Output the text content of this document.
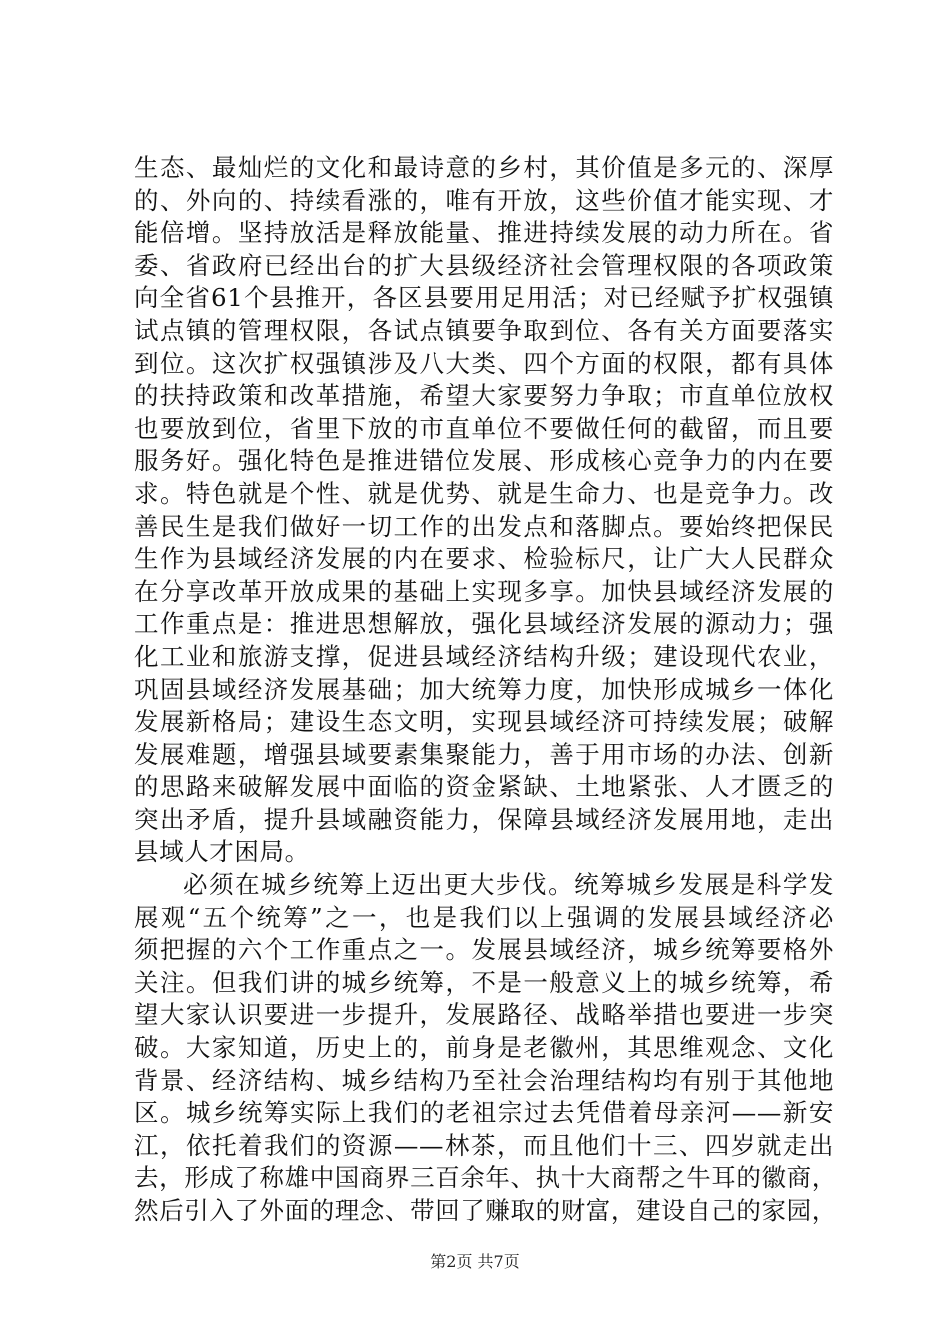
生态、最灿烂的文化和最诗意的乡村，其价值是多元的、深厚
的、外向的、持续看涨的，唯有开放，这些价值才能实现、才
能倍增。坚持放活是释放能量、推进持续发展的动力所在。省
委、省政府已经出台的扩大县级经济社会管理权限的各项政策
向全省61个县推开，各区县要用足用活；对已经赋予扩权强镇
试点镇的管理权限，各试点镇要争取到位、各有关方面要落实
到位。这次扩权强镇涉及八大类、四个方面的权限，都有具体
的扶持政策和改革措施，希望大家要努力争取；市直单位放权
也要放到位，省里下放的市直单位不要做任何的截留，而且要
服务好。强化特色是推进错位发展、形成核心竞争力的内在要
求。特色就是个性、就是优势、就是生命力、也是竞争力。改
善民生是我们做好一切工作的出发点和落脚点。要始终把保民
生作为县域经济发展的内在要求、检验标尺，让广大人民群众
在分享改革开放成果的基础上实现多享。加快县域经济发展的
工作重点是：推进思想解放，强化县域经济发展的源动力；强
化工业和旅游支撑，促进县域经济结构升级；建设现代农业，
巩固县域经济发展基础；加大统筹力度，加快形成城乡一体化
发展新格局；建设生态文明，实现县域经济可持续发展；破解
发展难题，增强县域要素集聚能力，善于用市场的办法、创新
的思路来破解发展中面临的资金紧缺、土地紧张、人才匮乏的
突出矛盾，提升县域融资能力，保障县域经济发展用地，走出
县域人才困局。
必须在城乡统筹上迈出更大步伐。统筹城乡发展是科学发
展观“五个统筹”之一，也是我们以上强调的发展县域经济必
须把握的六个工作重点之一。发展县域经济，城乡统筹要格外
关注。但我们讲的城乡统筹，不是一般意义上的城乡统筹，希
望大家认识要进一步提升，发展路径、战略举措也要进一步突
破。大家知道，历史上的，前身是老徽州，其思维观念、文化
背景、经济结构、城乡结构乃至社会治理结构均有别于其他地
区。城乡统筹实际上我们的老祖宗过去凭借着母亲河——新安
江，依托着我们的资源——林茶，而且他们十三、四岁就走出
去，形成了称雄中国商界三百余年、执十大商帮之牛耳的徽商，
然后引入了外面的理念、带回了赚取的财富，建设自己的家园，
第2页 共7页
